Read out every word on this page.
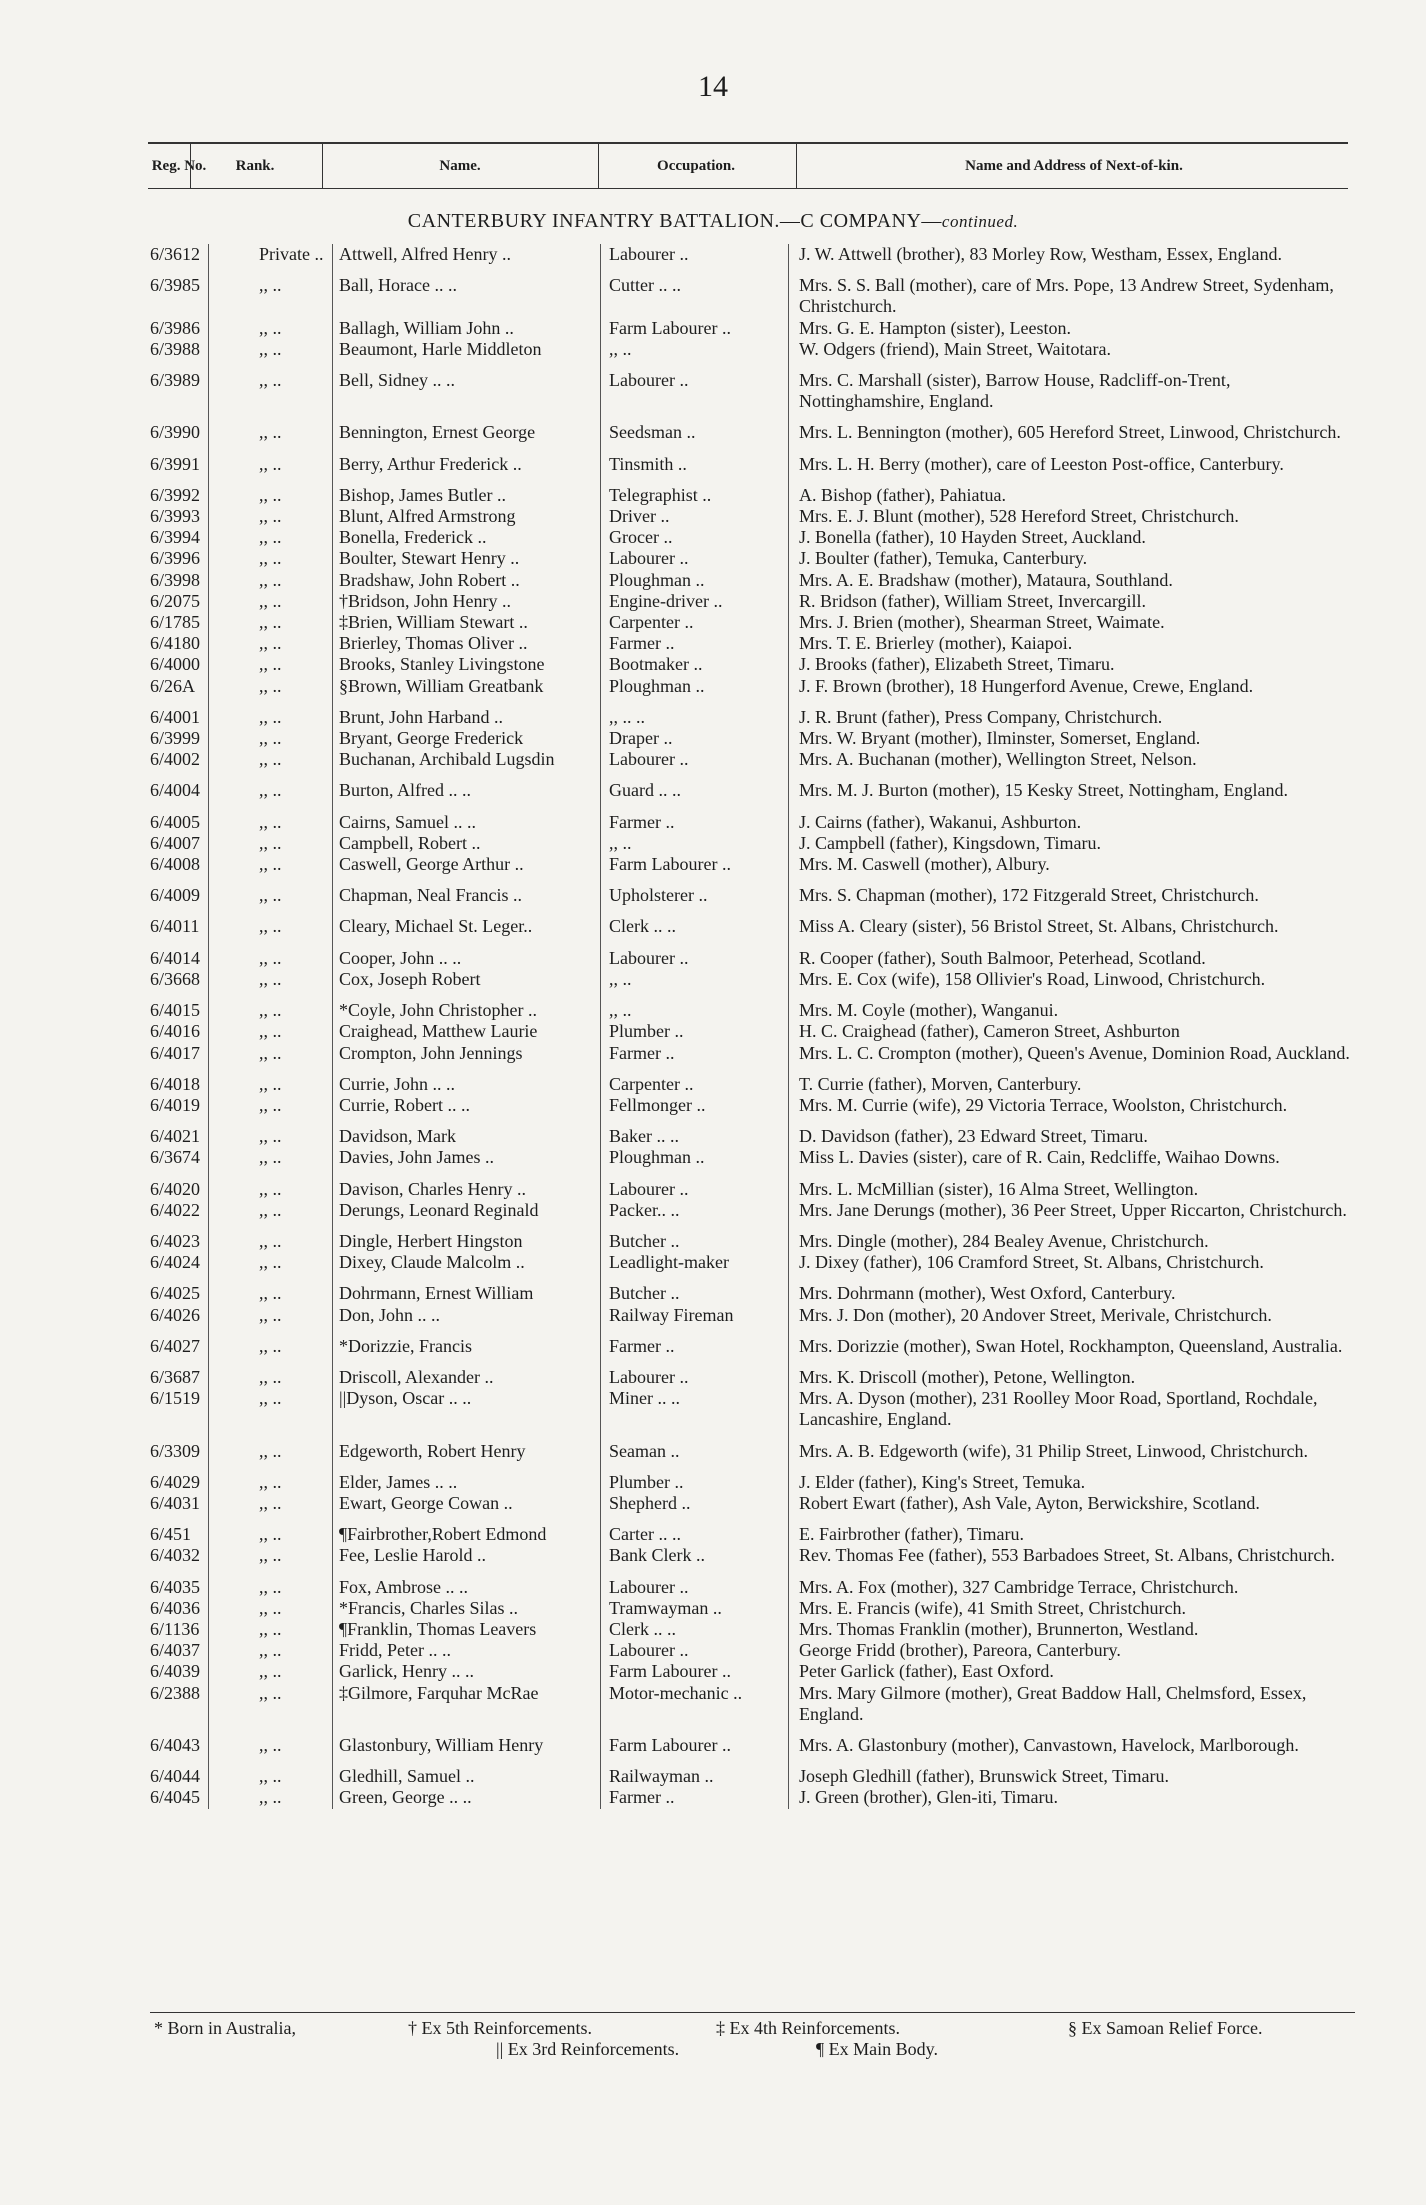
14
Reg. No.	Rank.	Name.	Occupation.	Name and Address of Next-of-kin.
CANTERBURY INFANTRY BATTALION.—C COMPANY—continued.
6/3612	Private ..	Attwell, Alfred Henry ..	Labourer ..	J. W. Attwell (brother), 83 Morley Row, Westham, Essex, England.
6/3985	,, ..	Ball, Horace .. ..	Cutter .. ..	Mrs. S. S. Ball (mother), care of Mrs. Pope, 13 Andrew Street, Sydenham, Christchurch.
6/3986	,, ..	Ballagh, William John ..	Farm Labourer ..	Mrs. G. E. Hampton (sister), Leeston.
6/3988	,, ..	Beaumont, Harle Middleton	,, ..	W. Odgers (friend), Main Street, Waitotara.
6/3989	,, ..	Bell, Sidney .. ..	Labourer ..	Mrs. C. Marshall (sister), Barrow House, Radcliff-on-Trent, Nottinghamshire, England.
6/3990	,, ..	Bennington, Ernest George	Seedsman ..	Mrs. L. Bennington (mother), 605 Hereford Street, Linwood, Christchurch.
6/3991	,, ..	Berry, Arthur Frederick ..	Tinsmith ..	Mrs. L. H. Berry (mother), care of Leeston Post-office, Canterbury.
6/3992	,, ..	Bishop, James Butler ..	Telegraphist ..	A. Bishop (father), Pahiatua.
6/3993	,, ..	Blunt, Alfred Armstrong	Driver ..	Mrs. E. J. Blunt (mother), 528 Hereford Street, Christchurch.
6/3994	,, ..	Bonella, Frederick ..	Grocer ..	J. Bonella (father), 10 Hayden Street, Auckland.
6/3996	,, ..	Boulter, Stewart Henry ..	Labourer ..	J. Boulter (father), Temuka, Canterbury.
6/3998	,, ..	Bradshaw, John Robert ..	Ploughman ..	Mrs. A. E. Bradshaw (mother), Mataura, Southland.
6/2075	,, ..	†Bridson, John Henry ..	Engine-driver ..	R. Bridson (father), William Street, Invercargill.
6/1785	,, ..	‡Brien, William Stewart ..	Carpenter ..	Mrs. J. Brien (mother), Shearman Street, Waimate.
6/4180	,, ..	Brierley, Thomas Oliver ..	Farmer ..	Mrs. T. E. Brierley (mother), Kaiapoi.
6/4000	,, ..	Brooks, Stanley Livingstone	Bootmaker ..	J. Brooks (father), Elizabeth Street, Timaru.
6/26A	,, ..	§Brown, William Greatbank	Ploughman ..	J. F. Brown (brother), 18 Hungerford Avenue, Crewe, England.
6/4001	,, ..	Brunt, John Harband ..	,, .. ..	J. R. Brunt (father), Press Company, Christchurch.
6/3999	,, ..	Bryant, George Frederick	Draper ..	Mrs. W. Bryant (mother), Ilminster, Somerset, England.
6/4002	,, ..	Buchanan, Archibald Lugsdin	Labourer ..	Mrs. A. Buchanan (mother), Wellington Street, Nelson.
6/4004	,, ..	Burton, Alfred .. ..	Guard .. ..	Mrs. M. J. Burton (mother), 15 Kesky Street, Nottingham, England.
6/4005	,, ..	Cairns, Samuel .. ..	Farmer ..	J. Cairns (father), Wakanui, Ashburton.
6/4007	,, ..	Campbell, Robert ..	,, ..	J. Campbell (father), Kingsdown, Timaru.
6/4008	,, ..	Caswell, George Arthur ..	Farm Labourer ..	Mrs. M. Caswell (mother), Albury.
6/4009	,, ..	Chapman, Neal Francis ..	Upholsterer ..	Mrs. S. Chapman (mother), 172 Fitzgerald Street, Christchurch.
6/4011	,, ..	Cleary, Michael St. Leger..	Clerk .. ..	Miss A. Cleary (sister), 56 Bristol Street, St. Albans, Christchurch.
6/4014	,, ..	Cooper, John .. ..	Labourer ..	R. Cooper (father), South Balmoor, Peterhead, Scotland.
6/3668	,, ..	Cox, Joseph Robert	,, ..	Mrs. E. Cox (wife), 158 Ollivier's Road, Linwood, Christchurch.
6/4015	,, ..	*Coyle, John Christopher ..	,, ..	Mrs. M. Coyle (mother), Wanganui.
6/4016	,, ..	Craighead, Matthew Laurie	Plumber ..	H. C. Craighead (father), Cameron Street, Ashburton
6/4017	,, ..	Crompton, John Jennings	Farmer ..	Mrs. L. C. Crompton (mother), Queen's Avenue, Dominion Road, Auckland.
6/4018	,, ..	Currie, John .. ..	Carpenter ..	T. Currie (father), Morven, Canterbury.
6/4019	,, ..	Currie, Robert .. ..	Fellmonger ..	Mrs. M. Currie (wife), 29 Victoria Terrace, Woolston, Christchurch.
6/4021	,, ..	Davidson, Mark	Baker .. ..	D. Davidson (father), 23 Edward Street, Timaru.
6/3674	,, ..	Davies, John James ..	Ploughman ..	Miss L. Davies (sister), care of R. Cain, Redcliffe, Waihao Downs.
6/4020	,, ..	Davison, Charles Henry ..	Labourer ..	Mrs. L. McMillian (sister), 16 Alma Street, Wellington.
6/4022	,, ..	Derungs, Leonard Reginald	Packer.. ..	Mrs. Jane Derungs (mother), 36 Peer Street, Upper Riccarton, Christchurch.
6/4023	,, ..	Dingle, Herbert Hingston	Butcher ..	Mrs. Dingle (mother), 284 Bealey Avenue, Christchurch.
6/4024	,, ..	Dixey, Claude Malcolm ..	Leadlight-maker	J. Dixey (father), 106 Cramford Street, St. Albans, Christchurch.
6/4025	,, ..	Dohrmann, Ernest William	Butcher ..	Mrs. Dohrmann (mother), West Oxford, Canterbury.
6/4026	,, ..	Don, John .. ..	Railway Fireman	Mrs. J. Don (mother), 20 Andover Street, Merivale, Christchurch.
6/4027	,, ..	*Dorizzie, Francis	Farmer ..	Mrs. Dorizzie (mother), Swan Hotel, Rockhampton, Queensland, Australia.
6/3687	,, ..	Driscoll, Alexander ..	Labourer ..	Mrs. K. Driscoll (mother), Petone, Wellington.
6/1519	,, ..	||Dyson, Oscar .. ..	Miner .. ..	Mrs. A. Dyson (mother), 231 Roolley Moor Road, Sportland, Rochdale, Lancashire, England.
6/3309	,, ..	Edgeworth, Robert Henry	Seaman ..	Mrs. A. B. Edgeworth (wife), 31 Philip Street, Linwood, Christchurch.
6/4029	,, ..	Elder, James .. ..	Plumber ..	J. Elder (father), King's Street, Temuka.
6/4031	,, ..	Ewart, George Cowan ..	Shepherd ..	Robert Ewart (father), Ash Vale, Ayton, Berwickshire, Scotland.
6/451	,, ..	¶Fairbrother,Robert Edmond	Carter .. ..	E. Fairbrother (father), Timaru.
6/4032	,, ..	Fee, Leslie Harold ..	Bank Clerk ..	Rev. Thomas Fee (father), 553 Barbadoes Street, St. Albans, Christchurch.
6/4035	,, ..	Fox, Ambrose .. ..	Labourer ..	Mrs. A. Fox (mother), 327 Cambridge Terrace, Christchurch.
6/4036	,, ..	*Francis, Charles Silas ..	Tramwayman ..	Mrs. E. Francis (wife), 41 Smith Street, Christchurch.
6/1136	,, ..	¶Franklin, Thomas Leavers	Clerk .. ..	Mrs. Thomas Franklin (mother), Brunnerton, Westland.
6/4037	,, ..	Fridd, Peter .. ..	Labourer ..	George Fridd (brother), Pareora, Canterbury.
6/4039	,, ..	Garlick, Henry .. ..	Farm Labourer ..	Peter Garlick (father), East Oxford.
6/2388	,, ..	‡Gilmore, Farquhar McRae	Motor-mechanic ..	Mrs. Mary Gilmore (mother), Great Baddow Hall, Chelmsford, Essex, England.
6/4043	,, ..	Glastonbury, William Henry	Farm Labourer ..	Mrs. A. Glastonbury (mother), Canvastown, Havelock, Marlborough.
6/4044	,, ..	Gledhill, Samuel ..	Railwayman ..	Joseph Gledhill (father), Brunswick Street, Timaru.
6/4045	,, ..	Green, George .. ..	Farmer ..	J. Green (brother), Glen-iti, Timaru.
* Born in Australia,	† Ex 5th Reinforcements.	‡ Ex 4th Reinforcements.	§ Ex Samoan Relief Force.
|| Ex 3rd Reinforcements.	¶ Ex Main Body.
